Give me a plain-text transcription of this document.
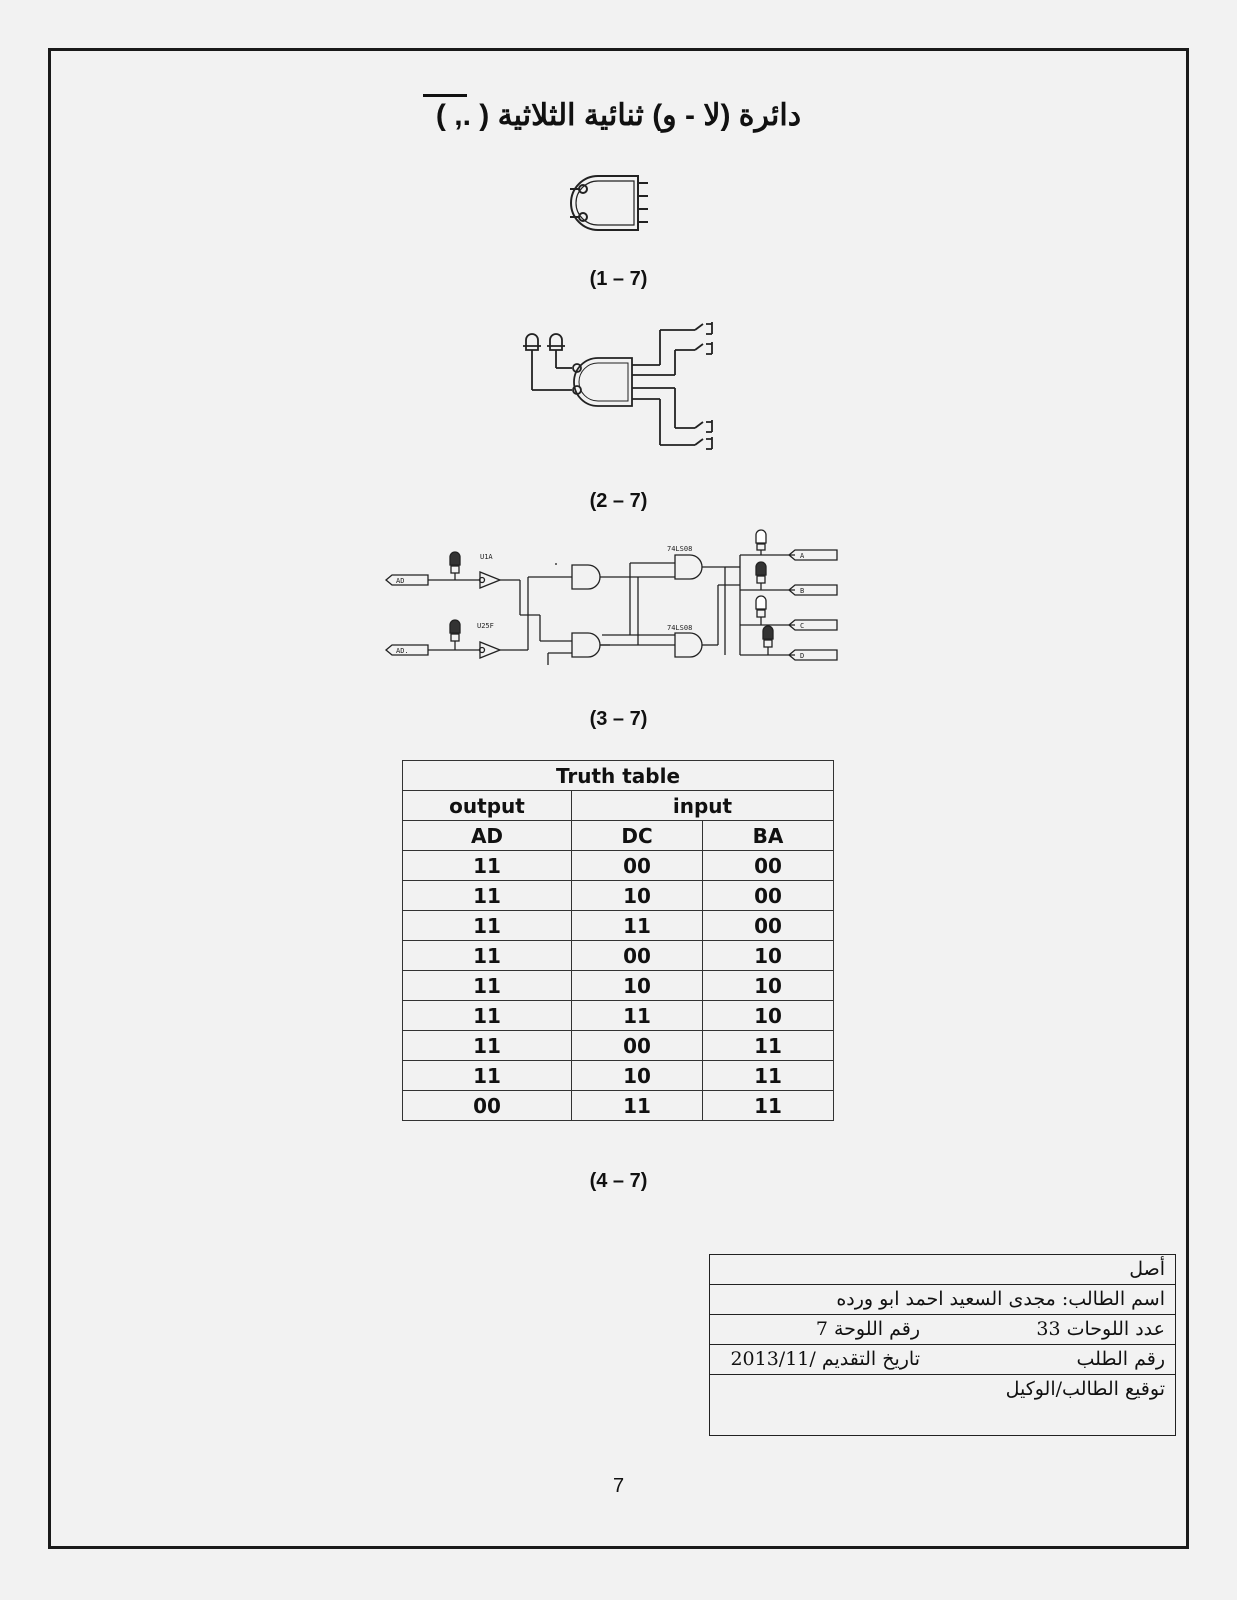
دائرة (لا - و) ثنائية الثلاثية ( ., )
(1 – 7)
(2 – 7)
U1A
U25F
74LS08
74LS08
AD
AD.
A
B
C
D
(3 – 7)
Truth table		
output	input	
AD	DC	BA
11	00	00
11	10	00
11	11	00
11	00	10
11	10	10
11	11	10
11	00	11
11	10	11
00	11	11
(4 – 7)
أصل
اسم الطالب: مجدى السعيد احمد ابو ورده
عدد اللوحات 33
رقم اللوحة 7
رقم الطلب
تاريخ التقديم /2013/11
توقيع الطالب/الوكيل
7
